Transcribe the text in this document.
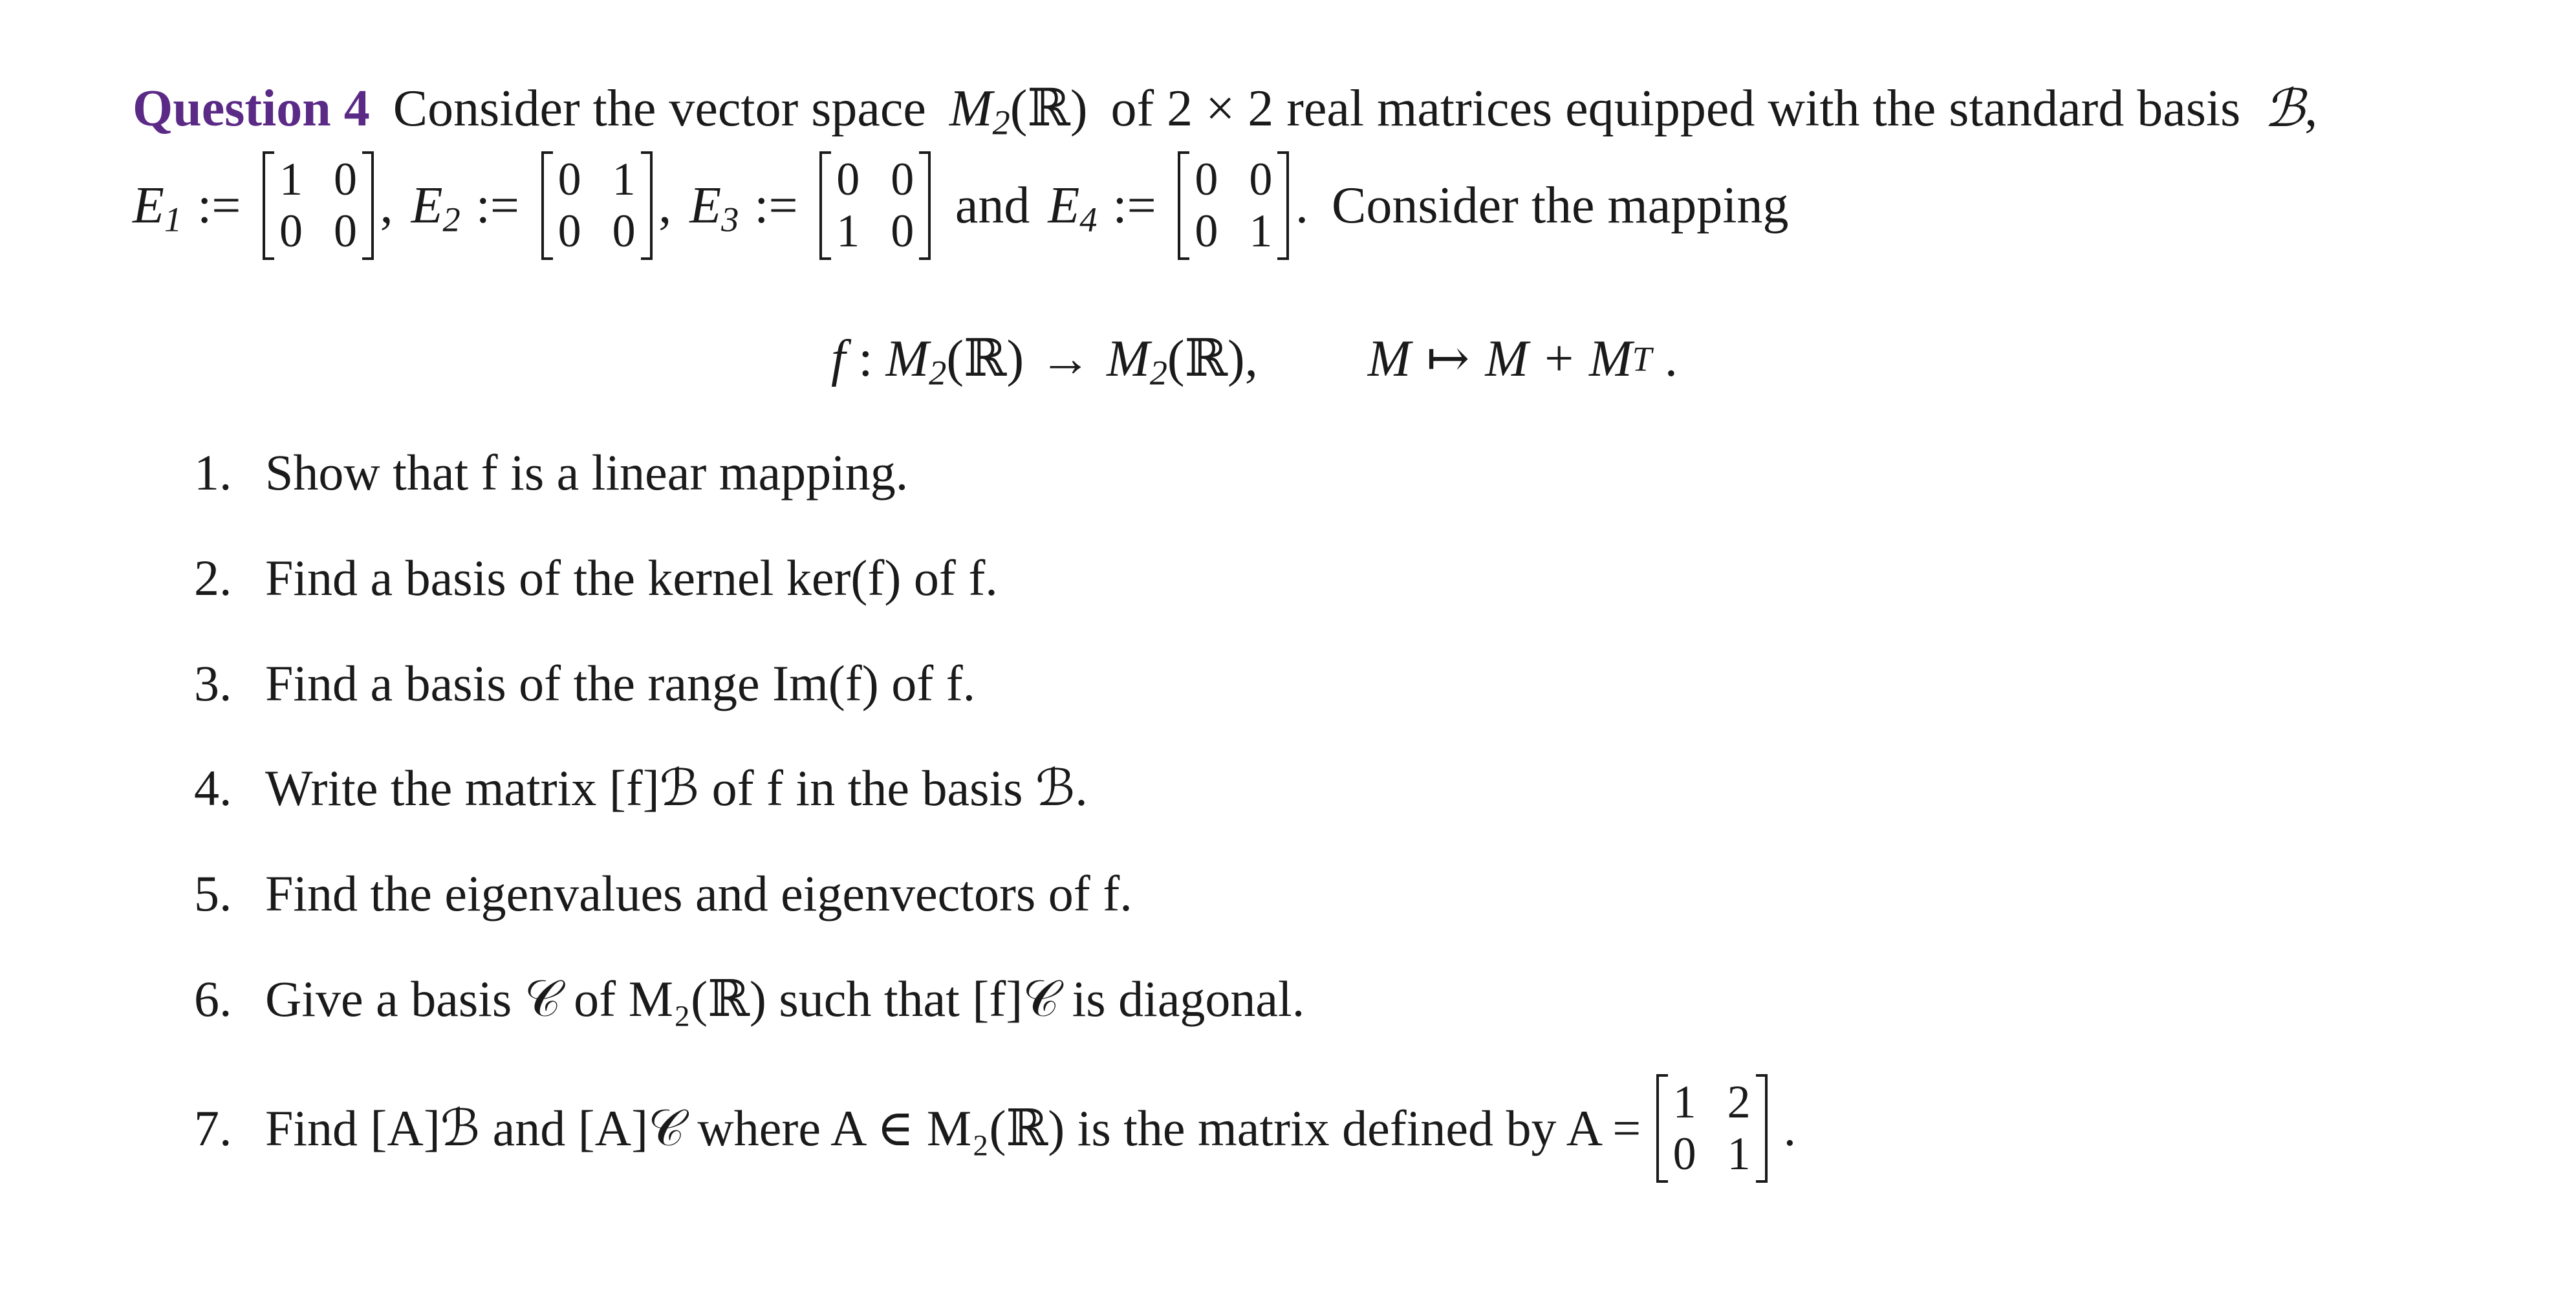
Question 4 Consider the vector space $M_2$ (ℝ) of 2 × 2 real matrices equipped with the standard basis ℬ ,
$E_1$ := 1 0
0 0 , $E_2$ := 0 1
0 0 , $E_3$ := 0 0
1 0 and $E_4$ := 0 0
0 1 . Consider the mapping
f : $M_2$ (ℝ) → $M_2$ (ℝ) , M ↦ M + M T .
1. Show that f is a linear mapping.
2. Find a basis of the kernel ker(f) of f.
3. Find a basis of the range Im(f) of f.
4. Write the matrix [f]ℬ of f in the basis ℬ.
5. Find the eigenvalues and eigenvectors of f.
6. Give a basis 𝒞 of M₂(ℝ) such that [f]𝒞 is diagonal.
7. Find [A]ℬ and [A]𝒞 where A ∈ M₂(ℝ) is the matrix defined by A = 1 2
0 1 .
